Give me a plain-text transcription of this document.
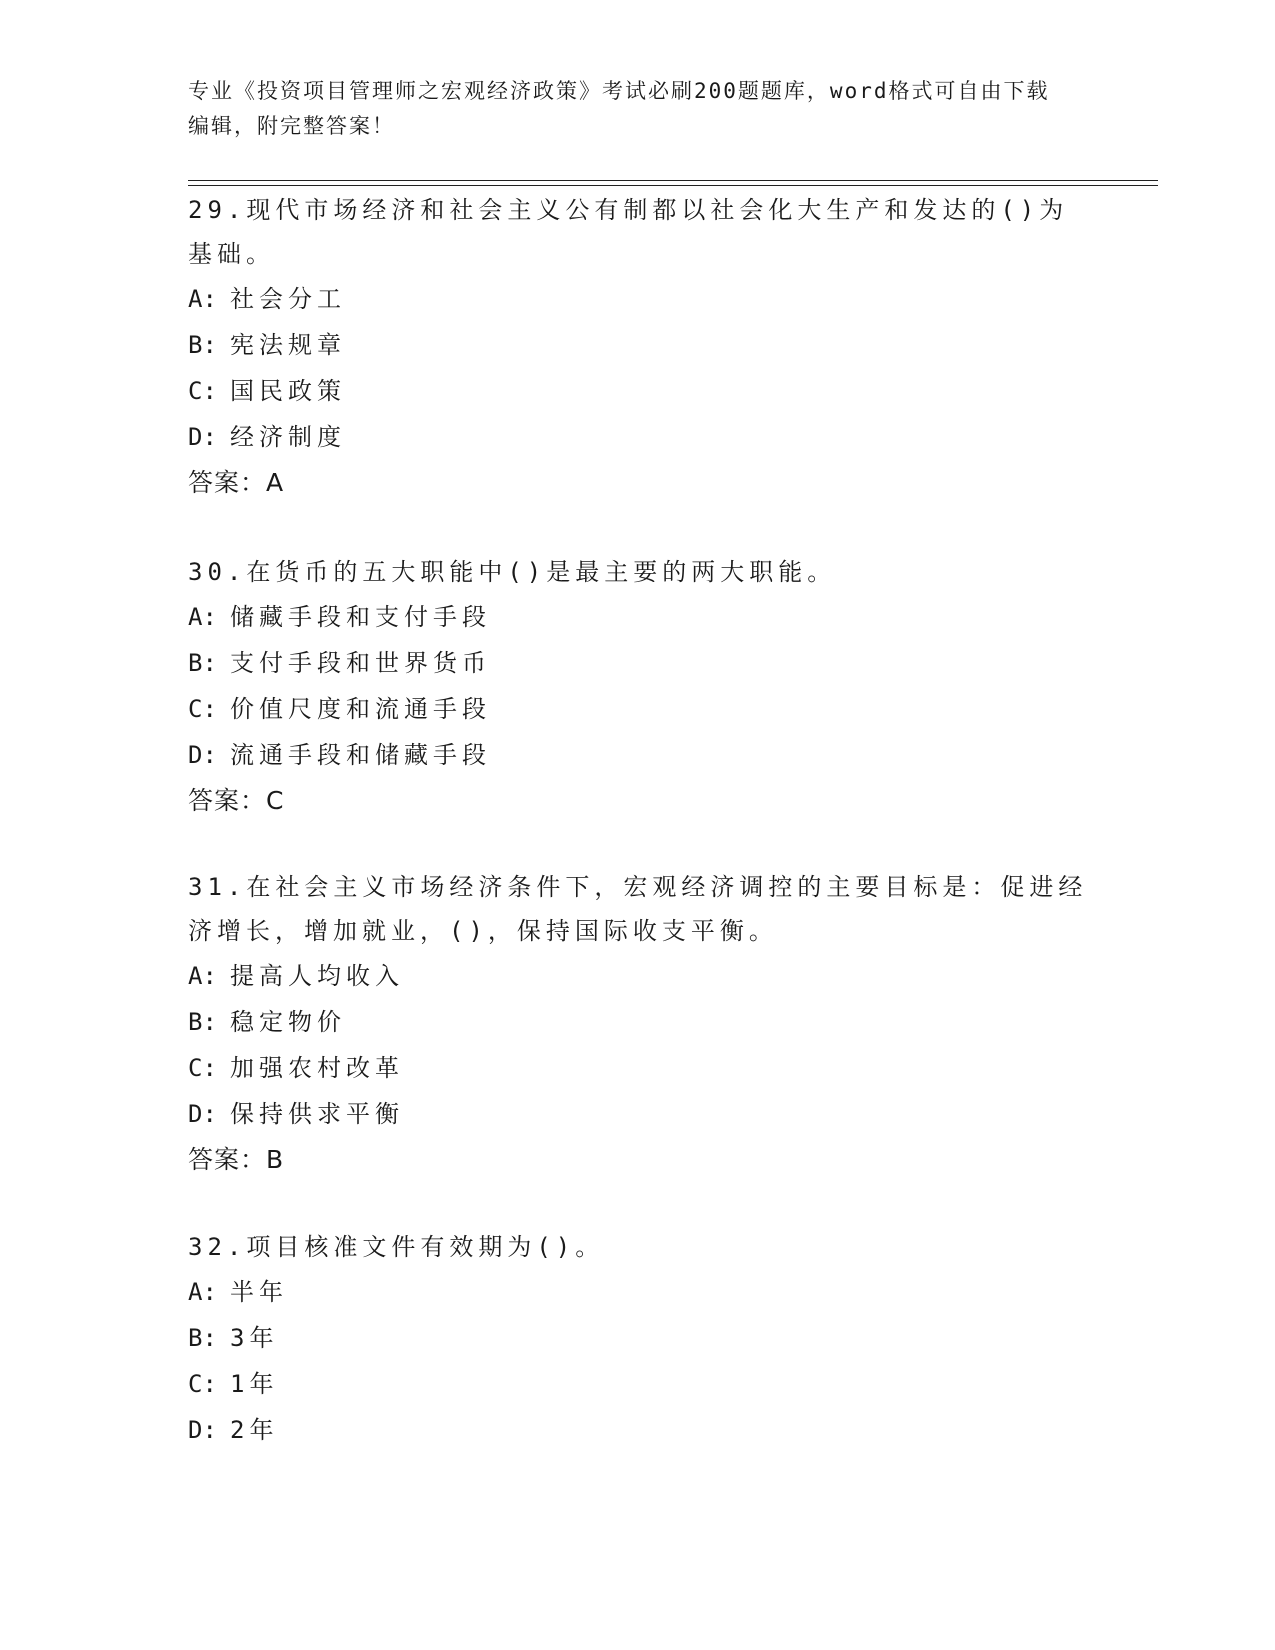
专业《投资项目管理师之宏观经济政策》考试必刷200题题库，word格式可自由下载编辑，附完整答案！

29.现代市场经济和社会主义公有制都以社会化大生产和发达的()为基础。

A: 社会分工

B: 宪法规章

C: 国民政策

D: 经济制度

答案：A

30.在货币的五大职能中()是最主要的两大职能。

A: 储藏手段和支付手段

B: 支付手段和世界货币

C: 价值尺度和流通手段

D: 流通手段和储藏手段

答案：C

31.在社会主义市场经济条件下，宏观经济调控的主要目标是：促进经济增长，增加就业，()，保持国际收支平衡。

A: 提高人均收入

B: 稳定物价

C: 加强农村改革

D: 保持供求平衡

答案：B

32.项目核准文件有效期为()。

A: 半年

B: 3年

C: 1年

D: 2年
